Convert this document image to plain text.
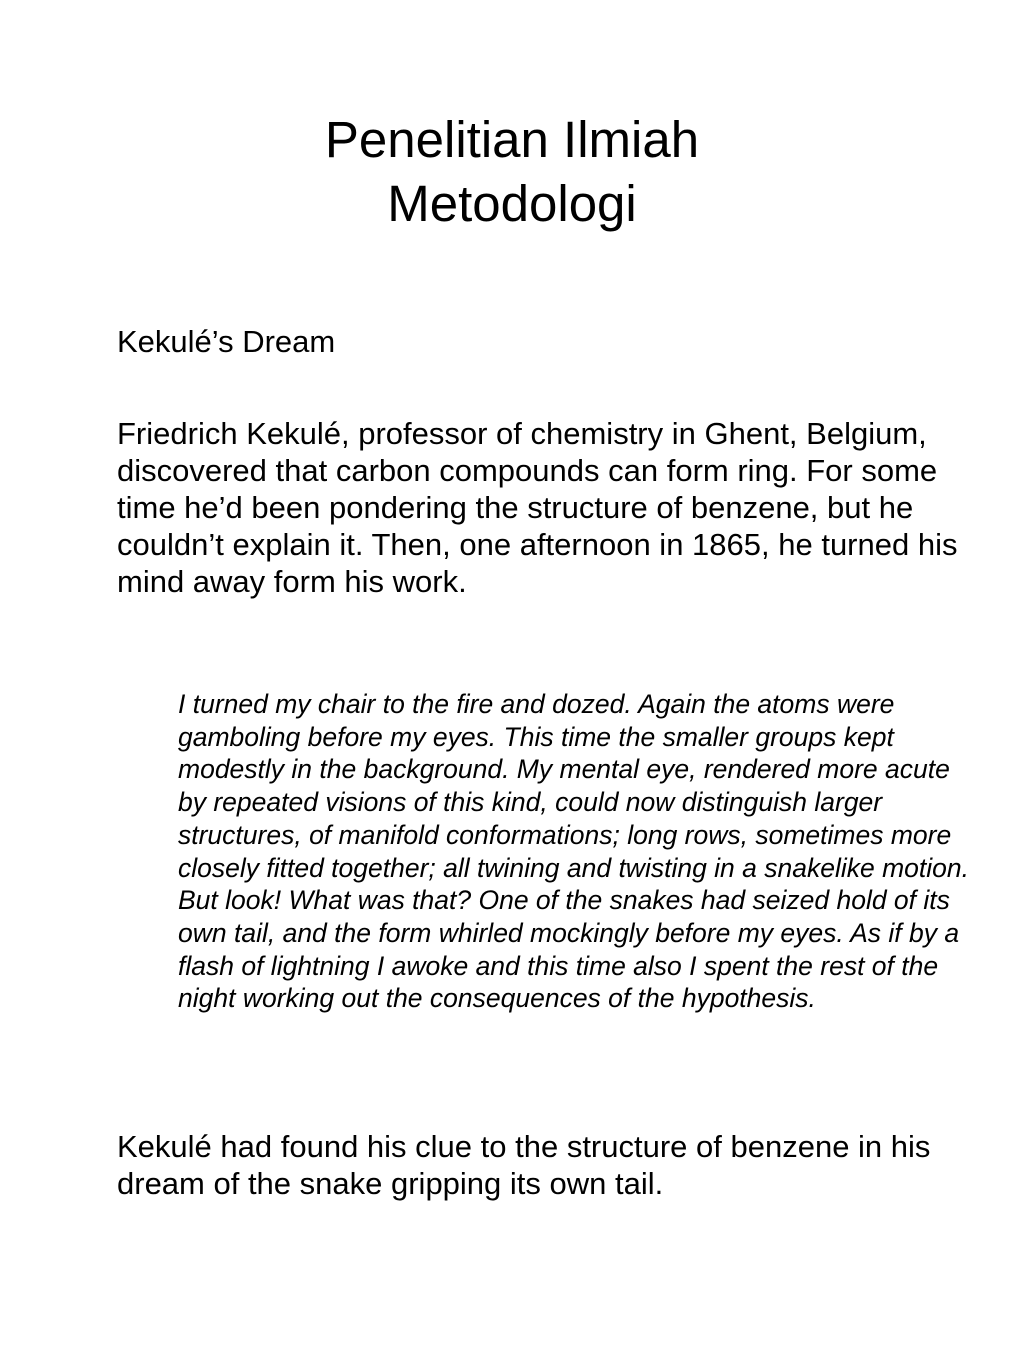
Penelitian Ilmiah
Metodologi
Kekulé’s Dream

Friedrich Kekulé, professor of chemistry in Ghent, Belgium, discovered that carbon compounds can form ring. For some time he’d been pondering the structure of benzene, but he couldn’t explain it. Then, one afternoon in 1865, he turned his mind away form his work.

I turned my chair to the fire and dozed. Again the atoms were gamboling before my eyes. This time the smaller groups kept modestly in the background. My mental eye, rendered more acute by repeated visions of this kind, could now distinguish larger structures, of manifold conformations; long rows, sometimes more closely fitted together; all twining and twisting in a snakelike motion. But look! What was that? One of the snakes had seized hold of its own tail, and the form whirled mockingly before my eyes. As if by a flash of lightning I awoke and this time also I spent the rest of the night working out the consequences of the hypothesis.

Kekulé had found his clue to the structure of benzene in his dream of the snake gripping its own tail.
